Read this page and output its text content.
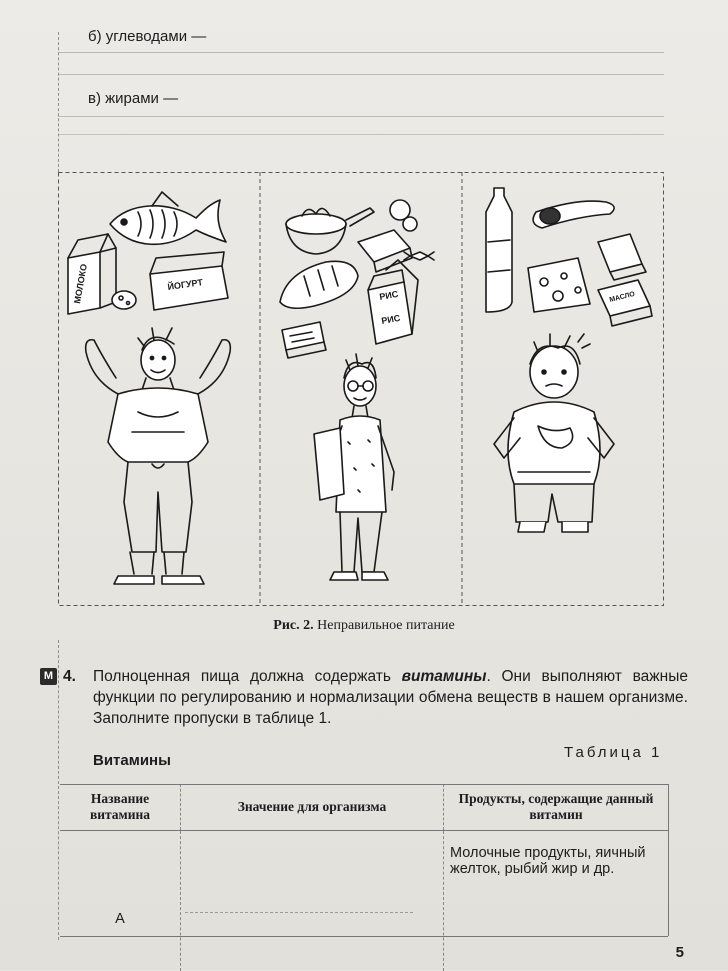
б) углеводами —
в) жирами —
МОЛОКО	ЙОГУРТ
РИС
РИС
МАСЛО
Рис. 2. Неправильное питание
М 4. Полноценная пища должна содержать витамины. Они выполняют важные функции по регулированию и нормализации обмена веществ в нашем организме. Заполните пропуски в таблице 1.
Витамины	Таблица 1
Название витамина	Значение для организма	Продукты, содержащие данный витамин
А		Молочные продукты, яичный желток, рыбий жир и др.
5
